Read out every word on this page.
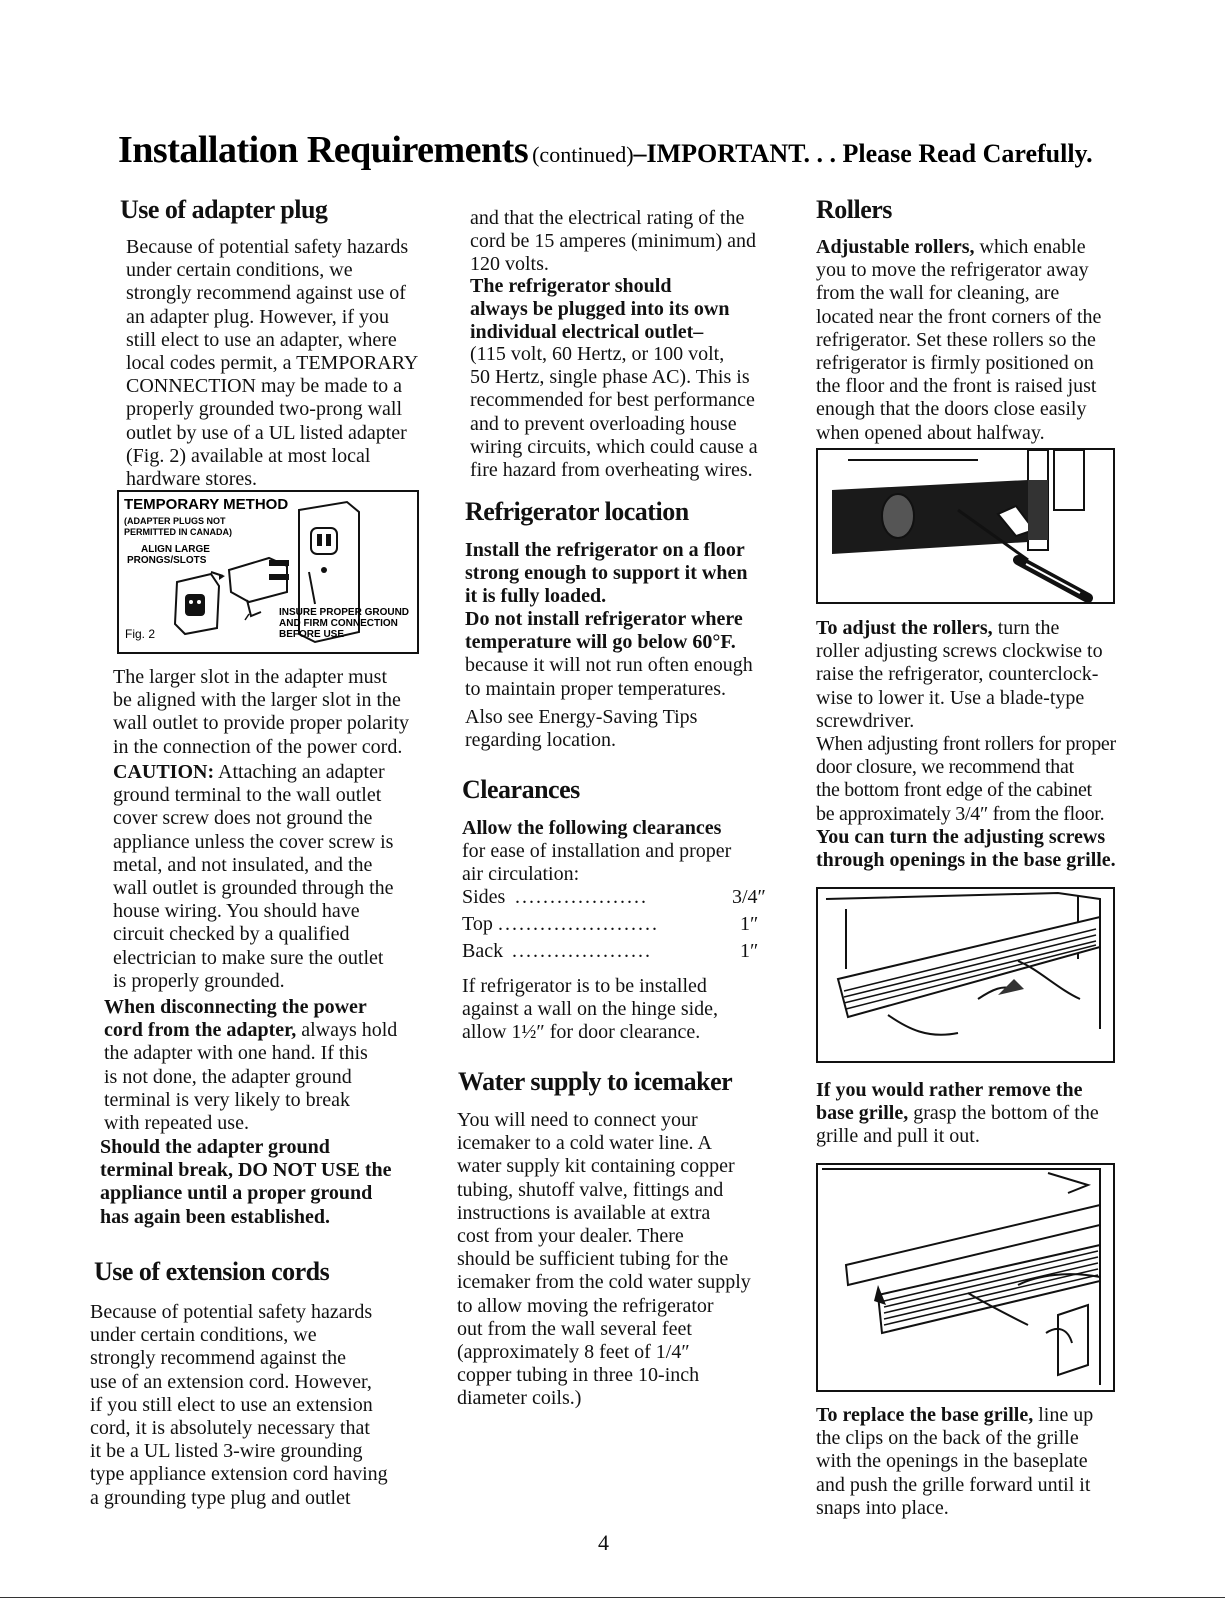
Installation Requirements (continued)–IMPORTANT. . . Please Read Carefully.
Use of adapter plug
Because of potential safety hazards
under certain conditions, we
strongly recommend against use of
an adapter plug. However, if you
still elect to use an adapter, where
local codes permit, a TEMPORARY
CONNECTION may be made to a
properly grounded two-prong wall
outlet by use of a UL listed adapter
(Fig. 2) available at most local
hardware stores.
TEMPORARY METHOD
(ADAPTER PLUGS NOT
PERMITTED IN CANADA)
ALIGN LARGE
PRONGS/SLOTS
INSURE PROPER GROUND
AND FIRM CONNECTION
BEFORE USE
Fig. 2
The larger slot in the adapter must
be aligned with the larger slot in the
wall outlet to provide proper polarity
in the connection of the power cord.
CAUTION: Attaching an adapter
ground terminal to the wall outlet
cover screw does not ground the
appliance unless the cover screw is
metal, and not insulated, and the
wall outlet is grounded through the
house wiring. You should have
circuit checked by a qualified
electrician to make sure the outlet
is properly grounded.
When disconnecting the power
cord from the adapter, always hold
the adapter with one hand. If this
is not done, the adapter ground
terminal is very likely to break
with repeated use.
Should the adapter ground
terminal break, DO NOT USE the
appliance until a proper ground
has again been established.
Use of extension cords
Because of potential safety hazards
under certain conditions, we
strongly recommend against the
use of an extension cord. However,
if you still elect to use an extension
cord, it is absolutely necessary that
it be a UL listed 3-wire grounding
type appliance extension cord having
a grounding type plug and outlet
and that the electrical rating of the
cord be 15 amperes (minimum) and
120 volts.
The refrigerator should
always be plugged into its own
individual electrical outlet–
(115 volt, 60 Hertz, or 100 volt,
50 Hertz, single phase AC). This is
recommended for best performance
and to prevent overloading house
wiring circuits, which could cause a
fire hazard from overheating wires.
Refrigerator location
Install the refrigerator on a floor
strong enough to support it when
it is fully loaded.
Do not install refrigerator where
temperature will go below 60°F.
because it will not run often enough
to maintain proper temperatures.
Also see Energy-Saving Tips
regarding location.
Clearances
Allow the following clearances
for ease of installation and proper
air circulation:
Sides ...................	3/4″
Top .......................	1″
Back ....................	1″
If refrigerator is to be installed
against a wall on the hinge side,
allow 1½″ for door clearance.
Water supply to icemaker
You will need to connect your
icemaker to a cold water line. A
water supply kit containing copper
tubing, shutoff valve, fittings and
instructions is available at extra
cost from your dealer. There
should be sufficient tubing for the
icemaker from the cold water supply
to allow moving the refrigerator
out from the wall several feet
(approximately 8 feet of 1/4″
copper tubing in three 10-inch
diameter coils.)
Rollers
Adjustable rollers, which enable
you to move the refrigerator away
from the wall for cleaning, are
located near the front corners of the
refrigerator. Set these rollers so the
refrigerator is firmly positioned on
the floor and the front is raised just
enough that the doors close easily
when opened about halfway.
To adjust the rollers, turn the
roller adjusting screws clockwise to
raise the refrigerator, counterclock-
wise to lower it. Use a blade-type
screwdriver.
When adjusting front rollers for proper
door closure, we recommend that
the bottom front edge of the cabinet
be approximately 3/4″ from the floor.
You can turn the adjusting screws
through openings in the base grille.
If you would rather remove the
base grille, grasp the bottom of the
grille and pull it out.
To replace the base grille, line up
the clips on the back of the grille
with the openings in the baseplate
and push the grille forward until it
snaps into place.
4
